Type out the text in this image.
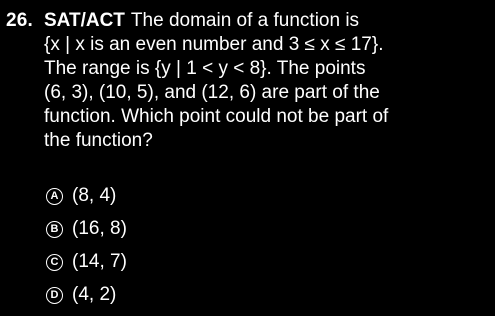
26. SAT/ACT The domain of a function is
{x | x is an even number and 3 ≤ x ≤ 17}.
The range is {y | 1 < y < 8}. The points
(6, 3), (10, 5), and (12, 6) are part of the
function. Which point could not be part of
the function?
A (8, 4)
B (16, 8)
C (14, 7)
D (4, 2)
